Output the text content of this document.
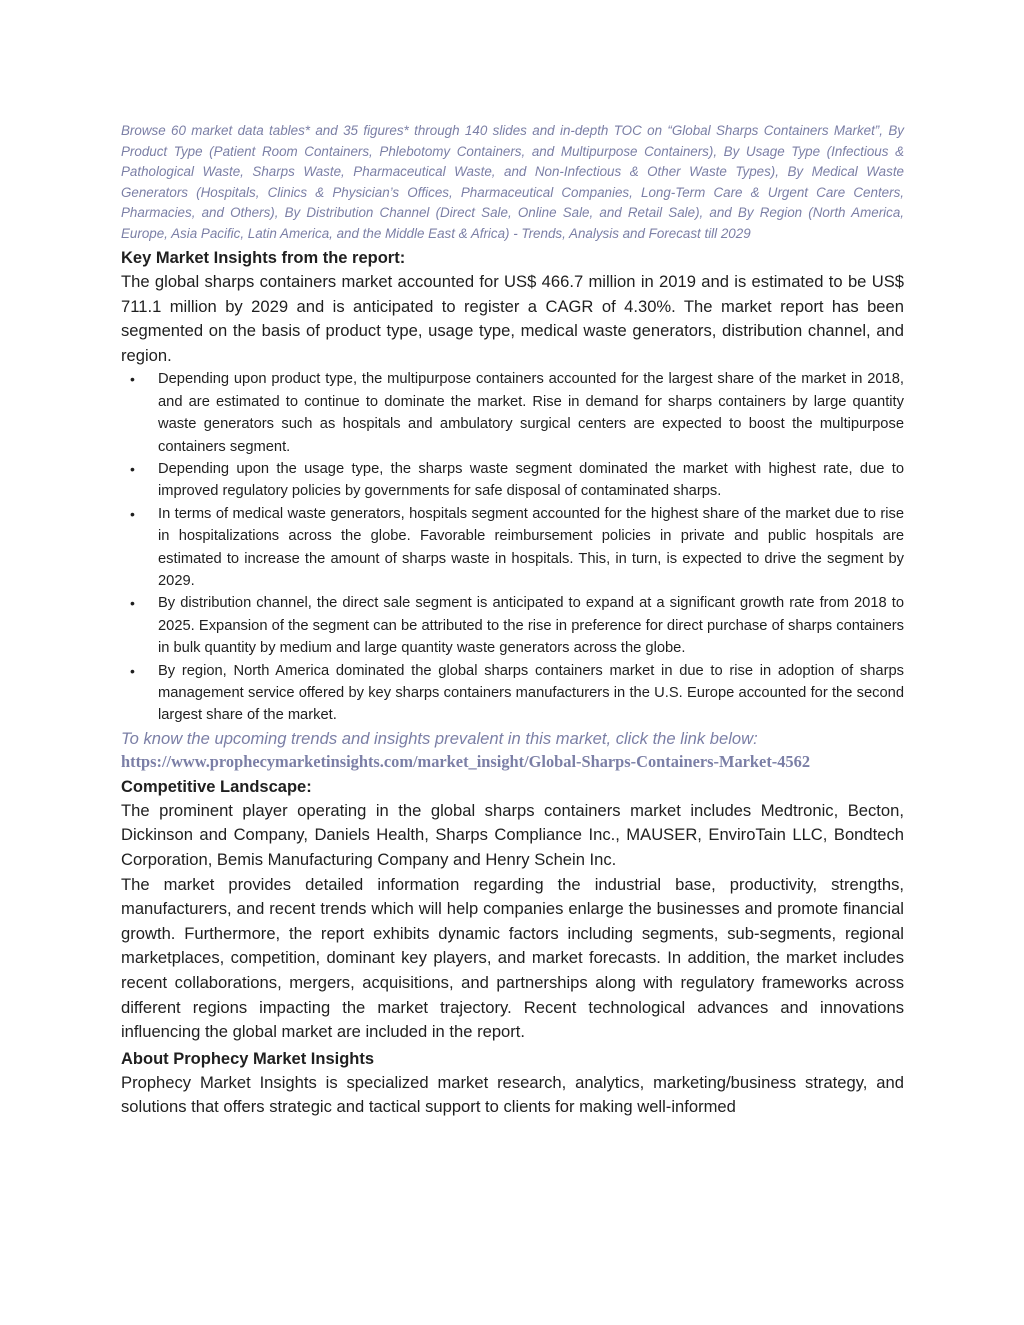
Browse 60 market data tables* and 35 figures* through 140 slides and in-depth TOC on “Global Sharps Containers Market”, By Product Type (Patient Room Containers, Phlebotomy Containers, and Multipurpose Containers), By Usage Type (Infectious & Pathological Waste, Sharps Waste, Pharmaceutical Waste, and Non-Infectious & Other Waste Types), By Medical Waste Generators (Hospitals, Clinics & Physician’s Offices, Pharmaceutical Companies, Long-Term Care & Urgent Care Centers, Pharmacies, and Others), By Distribution Channel (Direct Sale, Online Sale, and Retail Sale), and By Region (North America, Europe, Asia Pacific, Latin America, and the Middle East & Africa) - Trends, Analysis and Forecast till 2029

Key Market Insights from the report:

The global sharps containers market accounted for US$ 466.7 million in 2019 and is estimated to be US$ 711.1 million by 2029 and is anticipated to register a CAGR of 4.30%. The market report has been segmented on the basis of product type, usage type, medical waste generators, distribution channel, and region.

• Depending upon product type, the multipurpose containers accounted for the largest share of the market in 2018, and are estimated to continue to dominate the market. Rise in demand for sharps containers by large quantity waste generators such as hospitals and ambulatory surgical centers are expected to boost the multipurpose containers segment.
• Depending upon the usage type, the sharps waste segment dominated the market with highest rate, due to improved regulatory policies by governments for safe disposal of contaminated sharps.
• In terms of medical waste generators, hospitals segment accounted for the highest share of the market due to rise in hospitalizations across the globe. Favorable reimbursement policies in private and public hospitals are estimated to increase the amount of sharps waste in hospitals. This, in turn, is expected to drive the segment by 2029.
• By distribution channel, the direct sale segment is anticipated to expand at a significant growth rate from 2018 to 2025. Expansion of the segment can be attributed to the rise in preference for direct purchase of sharps containers in bulk quantity by medium and large quantity waste generators across the globe.
• By region, North America dominated the global sharps containers market in due to rise in adoption of sharps management service offered by key sharps containers manufacturers in the U.S. Europe accounted for the second largest share of the market.

To know the upcoming trends and insights prevalent in this market, click the link below:

https://www.prophecymarketinsights.com/market_insight/Global-Sharps-Containers-Market-4562
Competitive Landscape:

The prominent player operating in the global sharps containers market includes Medtronic, Becton, Dickinson and Company, Daniels Health, Sharps Compliance Inc., MAUSER, EnviroTain LLC, Bondtech Corporation, Bemis Manufacturing Company and Henry Schein Inc.

The market provides detailed information regarding the industrial base, productivity, strengths, manufacturers, and recent trends which will help companies enlarge the businesses and promote financial growth. Furthermore, the report exhibits dynamic factors including segments, sub-segments, regional marketplaces, competition, dominant key players, and market forecasts. In addition, the market includes recent collaborations, mergers, acquisitions, and partnerships along with regulatory frameworks across different regions impacting the market trajectory. Recent technological advances and innovations influencing the global market are included in the report.

About Prophecy Market Insights

Prophecy Market Insights is specialized market research, analytics, marketing/business strategy, and solutions that offers strategic and tactical support to clients for making well-informed
